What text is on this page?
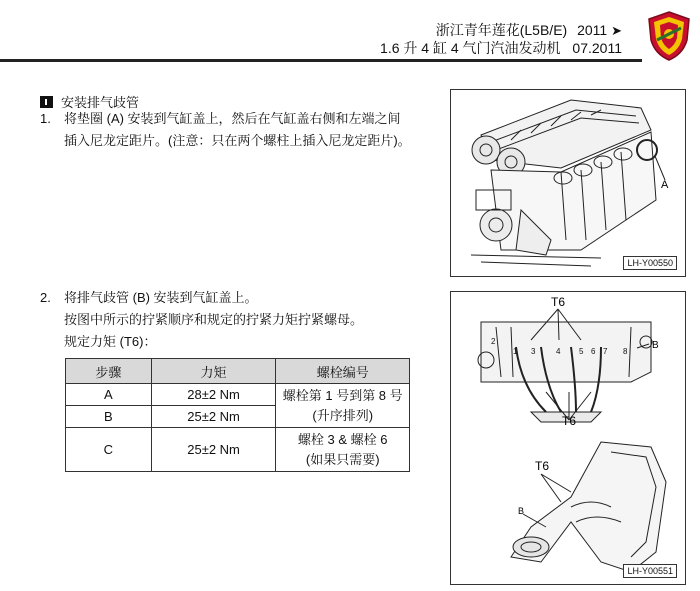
浙江青年莲花(L5B/E) 2011 ➤
1.6 升 4 缸 4 气门汽油发动机 07.2011
安装排气歧管
1. 将垫圈 (A) 安装到气缸盖上，然后在气缸盖右侧和左端之间
插入尼龙定距片。(注意：只在两个螺柱上插入尼龙定距片)。
2. 将排气歧管 (B) 安装到气缸盖上。
按图中所示的拧紧顺序和规定的拧紧力矩拧紧螺母。
规定力矩 (T6)：
步骤	力矩	螺栓编号
A	28±2 Nm	螺栓第 1 号到第 8 号
(升序排列)

B	25±2 Nm	
C	25±2 Nm	螺栓 3 & 螺栓 6
(如果只需要)
A
LH-Y00550
T6
T6
T6
B
B
2
1 3	4 5 6 7 8
LH-Y00551
